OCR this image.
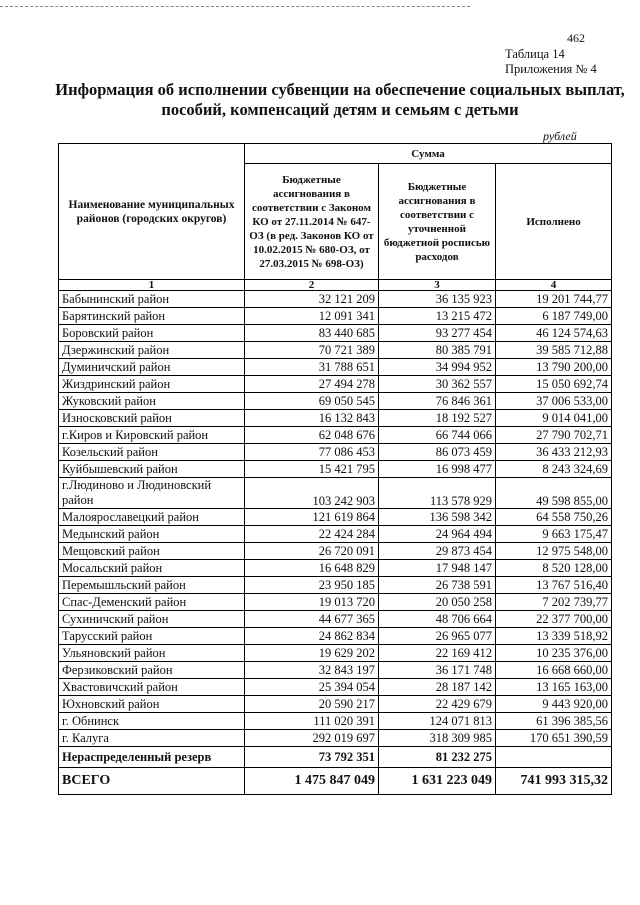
462
Таблица 14
Приложения № 4
Информация об исполнении субвенции на обеспечение социальных выплат,
пособий, компенсаций детям и семьям с детьми
рублей
Наименование муниципальных районов (городских округов)	Сумма		
	Бюджетные ассигнования в соответствии с Законом КО от 27.11.2014 № 647-ОЗ (в ред. Законов КО от 10.02.2015 № 680-ОЗ, от 27.03.2015 № 698-ОЗ)	Бюджетные ассигнования в соответствии с уточненной бюджетной росписью расходов	Исполнено
1	2	3	4
Бабынинский район	32 121 209	36 135 923	19 201 744,77
Барятинский район	12 091 341	13 215 472	6 187 749,00
Боровский район	83 440 685	93 277 454	46 124 574,63
Дзержинский район	70 721 389	80 385 791	39 585 712,88
Думиничский район	31 788 651	34 994 952	13 790 200,00
Жиздринский район	27 494 278	30 362 557	15 050 692,74
Жуковский район	69 050 545	76 846 361	37 006 533,00
Износковский район	16 132 843	18 192 527	9 014 041,00
г.Киров и Кировский район	62 048 676	66 744 066	27 790 702,71
Козельский район	77 086 453	86 073 459	36 433 212,93
Куйбышевский район	15 421 795	16 998 477	8 243 324,69
г.Людиново и Людиновский район	103 242 903	113 578 929	49 598 855,00
Малоярославецкий район	121 619 864	136 598 342	64 558 750,26
Медынский район	22 424 284	24 964 494	9 663 175,47
Мещовский район	26 720 091	29 873 454	12 975 548,00
Мосальский район	16 648 829	17 948 147	8 520 128,00
Перемышльский район	23 950 185	26 738 591	13 767 516,40
Спас-Деменский район	19 013 720	20 050 258	7 202 739,77
Сухиничский район	44 677 365	48 706 664	22 377 700,00
Тарусский район	24 862 834	26 965 077	13 339 518,92
Ульяновский район	19 629 202	22 169 412	10 235 376,00
Ферзиковский район	32 843 197	36 171 748	16 668 660,00
Хвастовичский район	25 394 054	28 187 142	13 165 163,00
Юхновский район	20 590 217	22 429 679	9 443 920,00
г. Обнинск	111 020 391	124 071 813	61 396 385,56
г. Калуга	292 019 697	318 309 985	170 651 390,59
Нераспределенный резерв	73 792 351	81 232 275	
ВСЕГО	1 475 847 049	1 631 223 049	741 993 315,32
